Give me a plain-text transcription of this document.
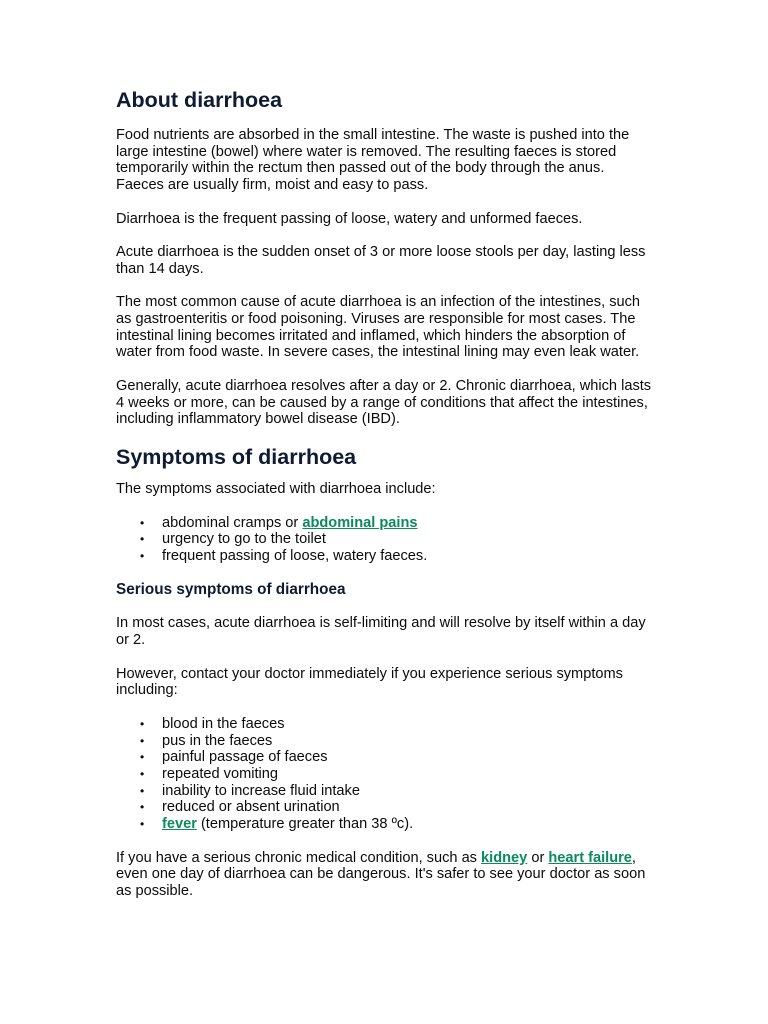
About diarrhoea

Food nutrients are absorbed in the small intestine. The waste is pushed into the large intestine (bowel) where water is removed. The resulting faeces is stored temporarily within the rectum then passed out of the body through the anus. Faeces are usually firm, moist and easy to pass.

Diarrhoea is the frequent passing of loose, watery and unformed faeces.

Acute diarrhoea is the sudden onset of 3 or more loose stools per day, lasting less than 14 days.

The most common cause of acute diarrhoea is an infection of the intestines, such as gastroenteritis or food poisoning. Viruses are responsible for most cases. The intestinal lining becomes irritated and inflamed, which hinders the absorption of water from food waste. In severe cases, the intestinal lining may even leak water.

Generally, acute diarrhoea resolves after a day or 2. Chronic diarrhoea, which lasts 4 weeks or more, can be caused by a range of conditions that affect the intestines, including inflammatory bowel disease (IBD).

Symptoms of diarrhoea

The symptoms associated with diarrhoea include:

• abdominal cramps or abdominal pains
• urgency to go to the toilet
• frequent passing of loose, watery faeces.
Serious symptoms of diarrhoea

In most cases, acute diarrhoea is self-limiting and will resolve by itself within a day or 2.

However, contact your doctor immediately if you experience serious symptoms including:

• blood in the faeces
• pus in the faeces
• painful passage of faeces
• repeated vomiting
• inability to increase fluid intake
• reduced or absent urination
• fever (temperature greater than 38 ºc).

If you have a serious chronic medical condition, such as kidney or heart failure, even one day of diarrhoea can be dangerous. It's safer to see your doctor as soon as possible.
